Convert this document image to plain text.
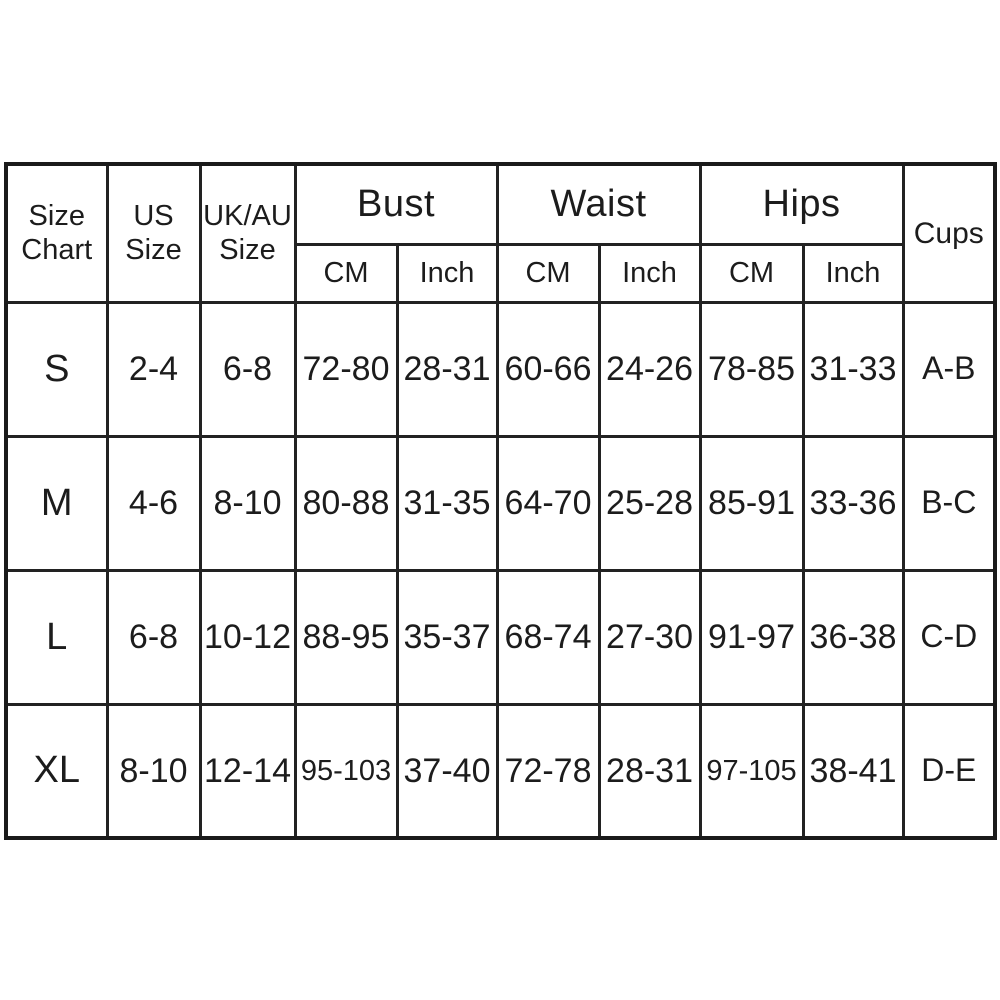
Size Chart	US Size	UK/AU Size	Bust		Waist		Hips		Cups
			CM	Inch	CM	Inch	CM	Inch	
S	2-4	6-8	72-80	28-31	60-66	24-26	78-85	31-33	A-B
M	4-6	8-10	80-88	31-35	64-70	25-28	85-91	33-36	B-C
L	6-8	10-12	88-95	35-37	68-74	27-30	91-97	36-38	C-D
XL	8-10	12-14	95-103	37-40	72-78	28-31	97-105	38-41	D-E
